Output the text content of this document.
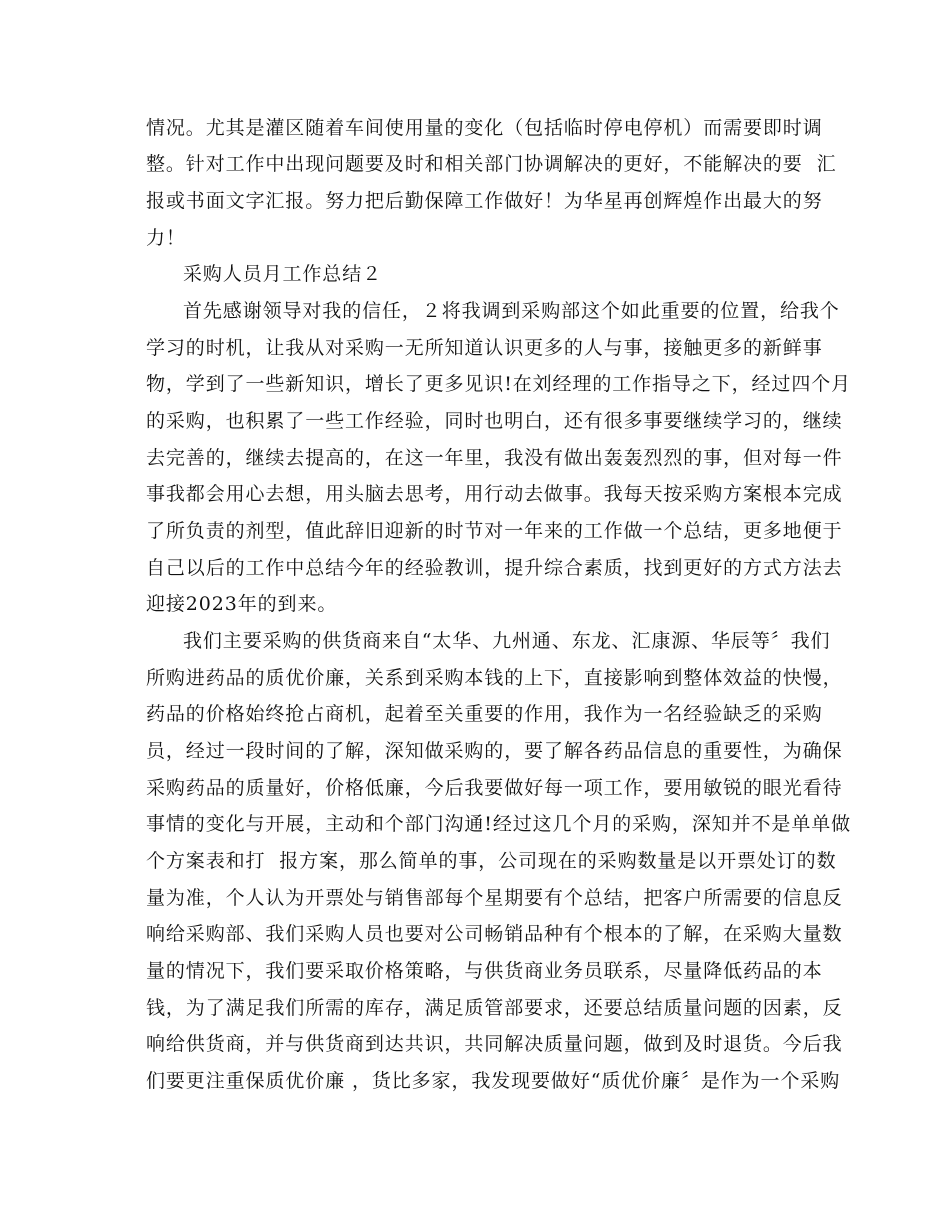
情况。尤其是灌区随着车间使用量的变化（包括临时停电停机）而需要即时调

整。针对工作中出现问题要及时和相关部门协调解决的更好，不能解决的要  汇

报或书面文字汇报。努力把后勤保障工作做好！为华星再创辉煌作出最大的努

力！

采购人员月工作总结２

首先感谢领导对我的信任，２将我调到采购部这个如此重要的位置，给我个

学习的时机，让我从对采购一无所知道认识更多的人与事，接触更多的新鲜事

物，学到了一些新知识，增长了更多见识!在刘经理的工作指导之下，经过四个月

的采购，也积累了一些工作经验，同时也明白，还有很多事要继续学习的，继续

去完善的，继续去提高的，在这一年里，我没有做出轰轰烈烈的事，但对每一件

事我都会用心去想，用头脑去思考，用行动去做事。我每天按采购方案根本完成

了所负责的剂型，值此辞旧迎新的时节对一年来的工作做一个总结，更多地便于

自己以后的工作中总结今年的经验教训，提升综合素质，找到更好的方式方法去

迎接2023年的到来。

我们主要采购的供货商来自“太华、九州通、东龙、汇康源、华辰等〞我们

所购进药品的质优价廉，关系到采购本钱的上下，直接影响到整体效益的快慢，

药品的价格始终抢占商机，起着至关重要的作用，我作为一名经验缺乏的采购

员，经过一段时间的了解，深知做采购的，要了解各药品信息的重要性，为确保

采购药品的质量好，价格低廉，今后我要做好每一项工作，要用敏锐的眼光看待

事情的变化与开展，主动和个部门沟通!经过这几个月的采购，深知并不是单单做

个方案表和打  报方案，那么简单的事，公司现在的采购数量是以开票处订的数

量为准，个人认为开票处与销售部每个星期要有个总结，把客户所需要的信息反

响给采购部、我们采购人员也要对公司畅销品种有个根本的了解，在采购大量数

量的情况下，我们要采取价格策略，与供货商业务员联系，尽量降低药品的本

钱，为了满足我们所需的库存，满足质管部要求，还要总结质量问题的因素，反

响给供货商，并与供货商到达共识，共同解决质量问题，做到及时退货。今后我

们要更注重保质优价廉 ，货比多家，我发现要做好“质优价廉〞是作为一个采购
